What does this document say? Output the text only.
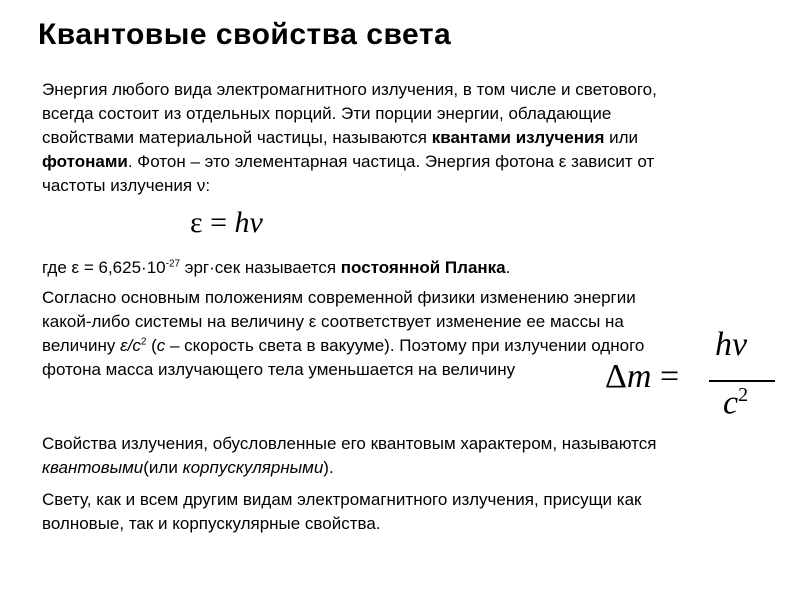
Квантовые свойства света

Энергия любого вида электромагнитного излучения, в том числе и светового, всегда состоит из отдельных порций. Эти порции энергии, обладающие свойствами материальной частицы, называются квантами излучения или фотонами. Фотон – это элементарная частица. Энергия фотона ε зависит от частоты излучения ν:

ε = hν

где $\varepsilon = 6,625\cdot 10^{-27}$ эрг·сек называется постоянной Планка.

Согласно основным положениям современной физики изменению энергии какой-либо системы на величину ε соответствует изменение ее массы на величину $\varepsilon/c^2$ (с – скорость света в вакууме). Поэтому при излучении одного фотона масса излучающего тела уменьшается на величину	Δm =
hν
$c^2$

Свойства излучения, обусловленные его квантовым характером, называются квантовыми(или корпускулярными).

Свету, как и всем другим видам электромагнитного излучения, присущи как волновые, так и корпускулярные свойства.
